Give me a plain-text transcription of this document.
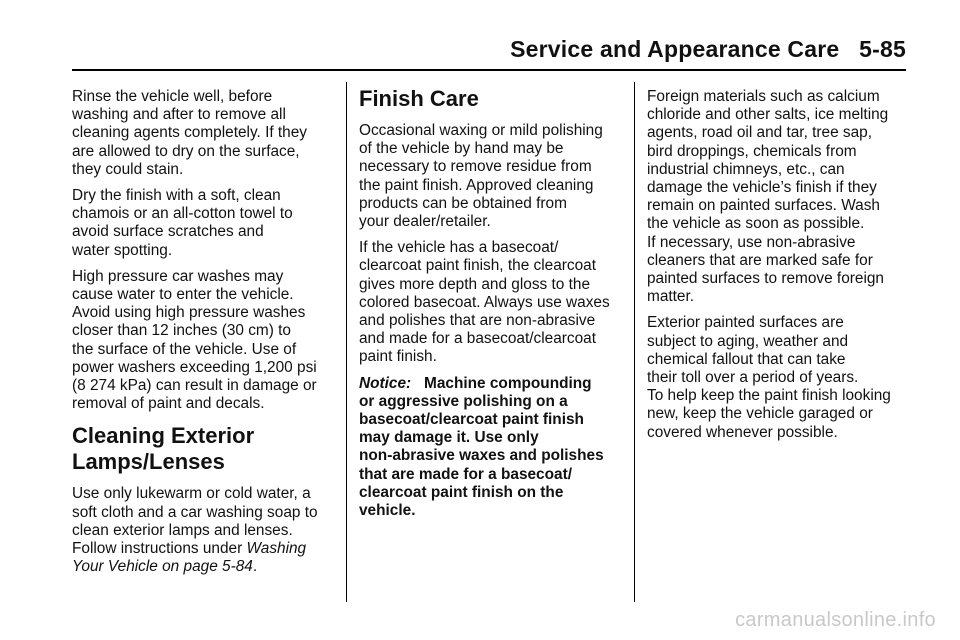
Service and Appearance Care 5-85

Rinse the vehicle well, before
washing and after to remove all
cleaning agents completely. If they
are allowed to dry on the surface,
they could stain.

Dry the finish with a soft, clean
chamois or an all-cotton towel to
avoid surface scratches and
water spotting.

High pressure car washes may
cause water to enter the vehicle.
Avoid using high pressure washes
closer than 12 inches (30 cm) to
the surface of the vehicle. Use of
power washers exceeding 1,200 psi
(8 274 kPa) can result in damage or
removal of paint and decals.

Cleaning Exterior
Lamps/Lenses

Use only lukewarm or cold water, a
soft cloth and a car washing soap to
clean exterior lamps and lenses.
Follow instructions under Washing
Your Vehicle on page 5-84.

Finish Care

Occasional waxing or mild polishing
of the vehicle by hand may be
necessary to remove residue from
the paint finish. Approved cleaning
products can be obtained from
your dealer/retailer.

If the vehicle has a basecoat/
clearcoat paint finish, the clearcoat
gives more depth and gloss to the
colored basecoat. Always use waxes
and polishes that are non-abrasive
and made for a basecoat/clearcoat
paint finish.

Notice: Machine compounding
or aggressive polishing on a
basecoat/clearcoat paint finish
may damage it. Use only
non-abrasive waxes and polishes
that are made for a basecoat/
clearcoat paint finish on the
vehicle.

Foreign materials such as calcium
chloride and other salts, ice melting
agents, road oil and tar, tree sap,
bird droppings, chemicals from
industrial chimneys, etc., can
damage the vehicle’s finish if they
remain on painted surfaces. Wash
the vehicle as soon as possible.
If necessary, use non-abrasive
cleaners that are marked safe for
painted surfaces to remove foreign
matter.

Exterior painted surfaces are
subject to aging, weather and
chemical fallout that can take
their toll over a period of years.
To help keep the paint finish looking
new, keep the vehicle garaged or
covered whenever possible.

carmanualsonline.info
